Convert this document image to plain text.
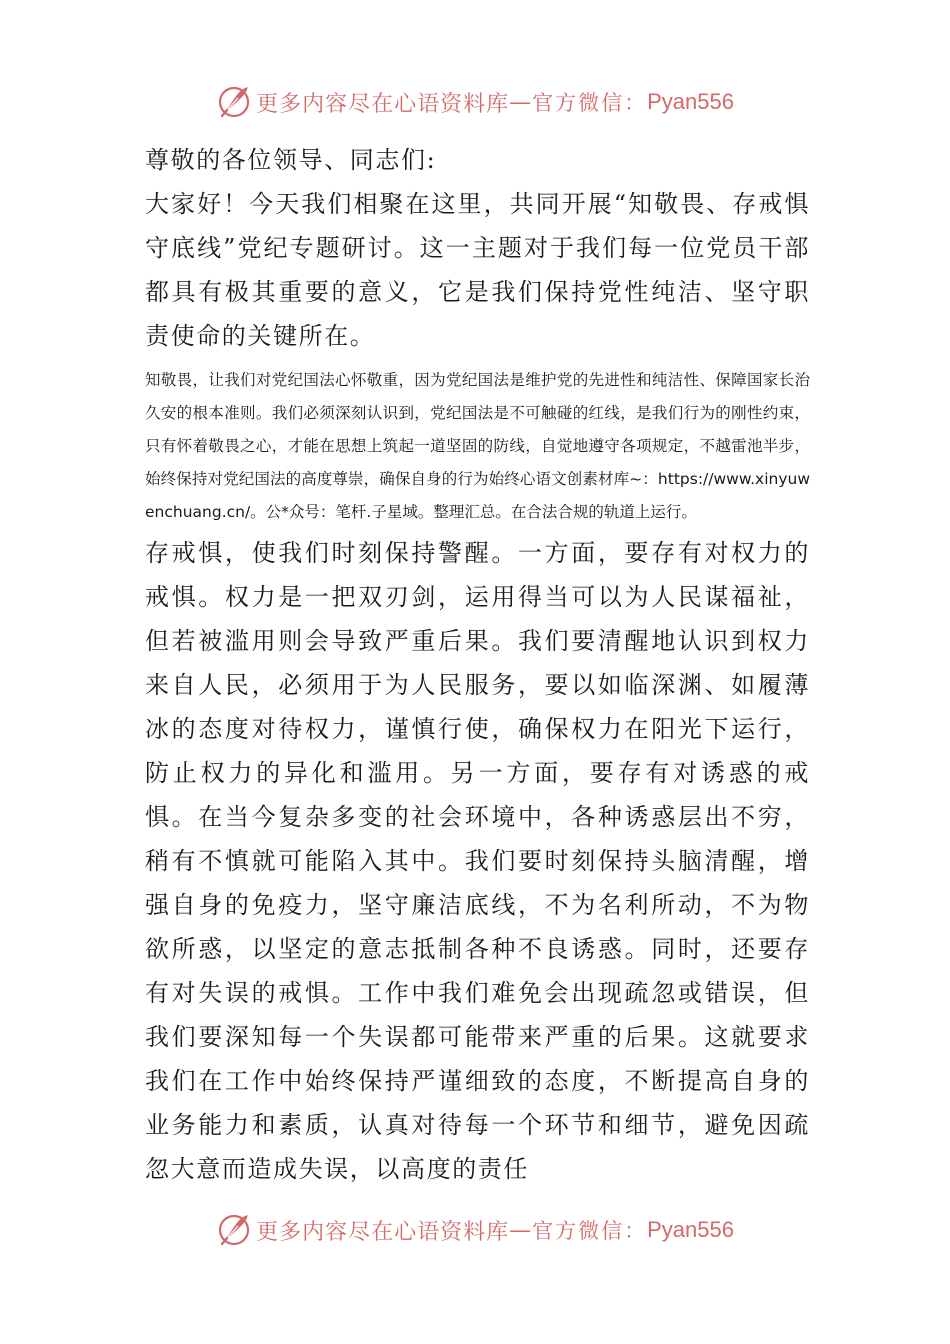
更多内容尽在心语资料库 — 官方微信： Pyan556

尊敬的各位领导、同志们:

大家好！今天我们相聚在这里，共同开展“知敬畏、存戒惧守底线”党纪专题研讨。这一主题对于我们每一位党员干部都具有极其重要的意义，它是我们保持党性纯洁、坚守职责使命的关键所在。

知敬畏，让我们对党纪国法心怀敬重，因为党纪国法是维护党的先进性和纯洁性、保障国家长治久安的根本准则。我们必须深刻认识到，党纪国法是不可触碰的红线，是我们行为的刚性约束，只有怀着敬畏之心，才能在思想上筑起一道坚固的防线，自觉地遵守各项规定，不越雷池半步，始终保持对党纪国法的高度尊崇，确保自身的行为始终心语文创素材库~：https://www.xinyuwenchuang.cn/。公*众号：笔杆.子星域。整理汇总。在合法合规的轨道上运行。

存戒惧，使我们时刻保持警醒。一方面，要存有对权力的戒惧。权力是一把双刃剑，运用得当可以为人民谋福祉，但若被滥用则会导致严重后果。我们要清醒地认识到权力来自人民，必须用于为人民服务，要以如临深渊、如履薄冰的态度对待权力，谨慎行使，确保权力在阳光下运行，防止权力的异化和滥用。另一方面，要存有对诱惑的戒惧。在当今复杂多变的社会环境中，各种诱惑层出不穷，稍有不慎就可能陷入其中。我们要时刻保持头脑清醒，增强自身的免疫力，坚守廉洁底线，不为名利所动，不为物欲所惑，以坚定的意志抵制各种不良诱惑。同时，还要存有对失误的戒惧。工作中我们难免会出现疏忽或错误，但我们要深知每一个失误都可能带来严重的后果。这就要求我们在工作中始终保持严谨细致的态度，不断提高自身的业务能力和素质，认真对待每一个环节和细节，避免因疏忽大意而造成失误，以高度的责任

更多内容尽在心语资料库 — 官方微信： Pyan556
